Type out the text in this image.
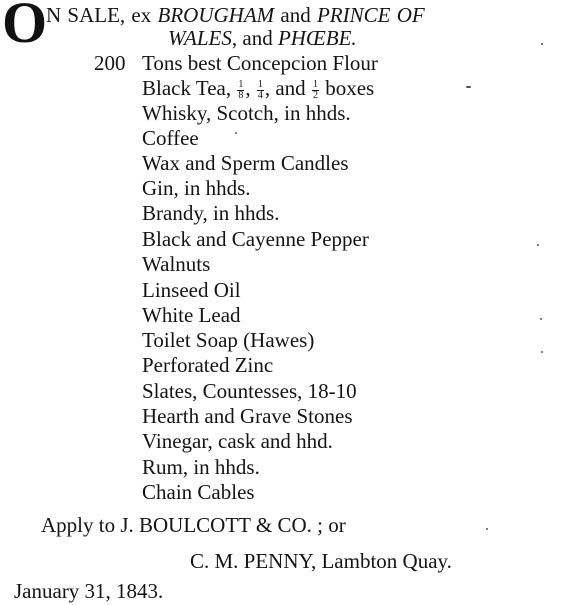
O
N SALE, ex BROUGHAM and PRINCE OF
WALES, and PHŒBE.
200 Tons best Concepcion Flour
Black Tea, $\frac{1}{8}$ , $\frac{1}{4}$ , and $\frac{1}{2}$ boxes
Whisky, Scotch, in hhds.
Coffee
Wax and Sperm Candles
Gin, in hhds.
Brandy, in hhds.
Black and Cayenne Pepper
Walnuts
Linseed Oil
White Lead
Toilet Soap (Hawes)
Perforated Zinc
Slates, Countesses, 18-10
Hearth and Grave Stones
Vinegar, cask and hhd.
Rum, in hhds.
Chain Cables
Apply to J. BOULCOTT & CO. ; or
C. M. PENNY, Lambton Quay.
January 31, 1843.
